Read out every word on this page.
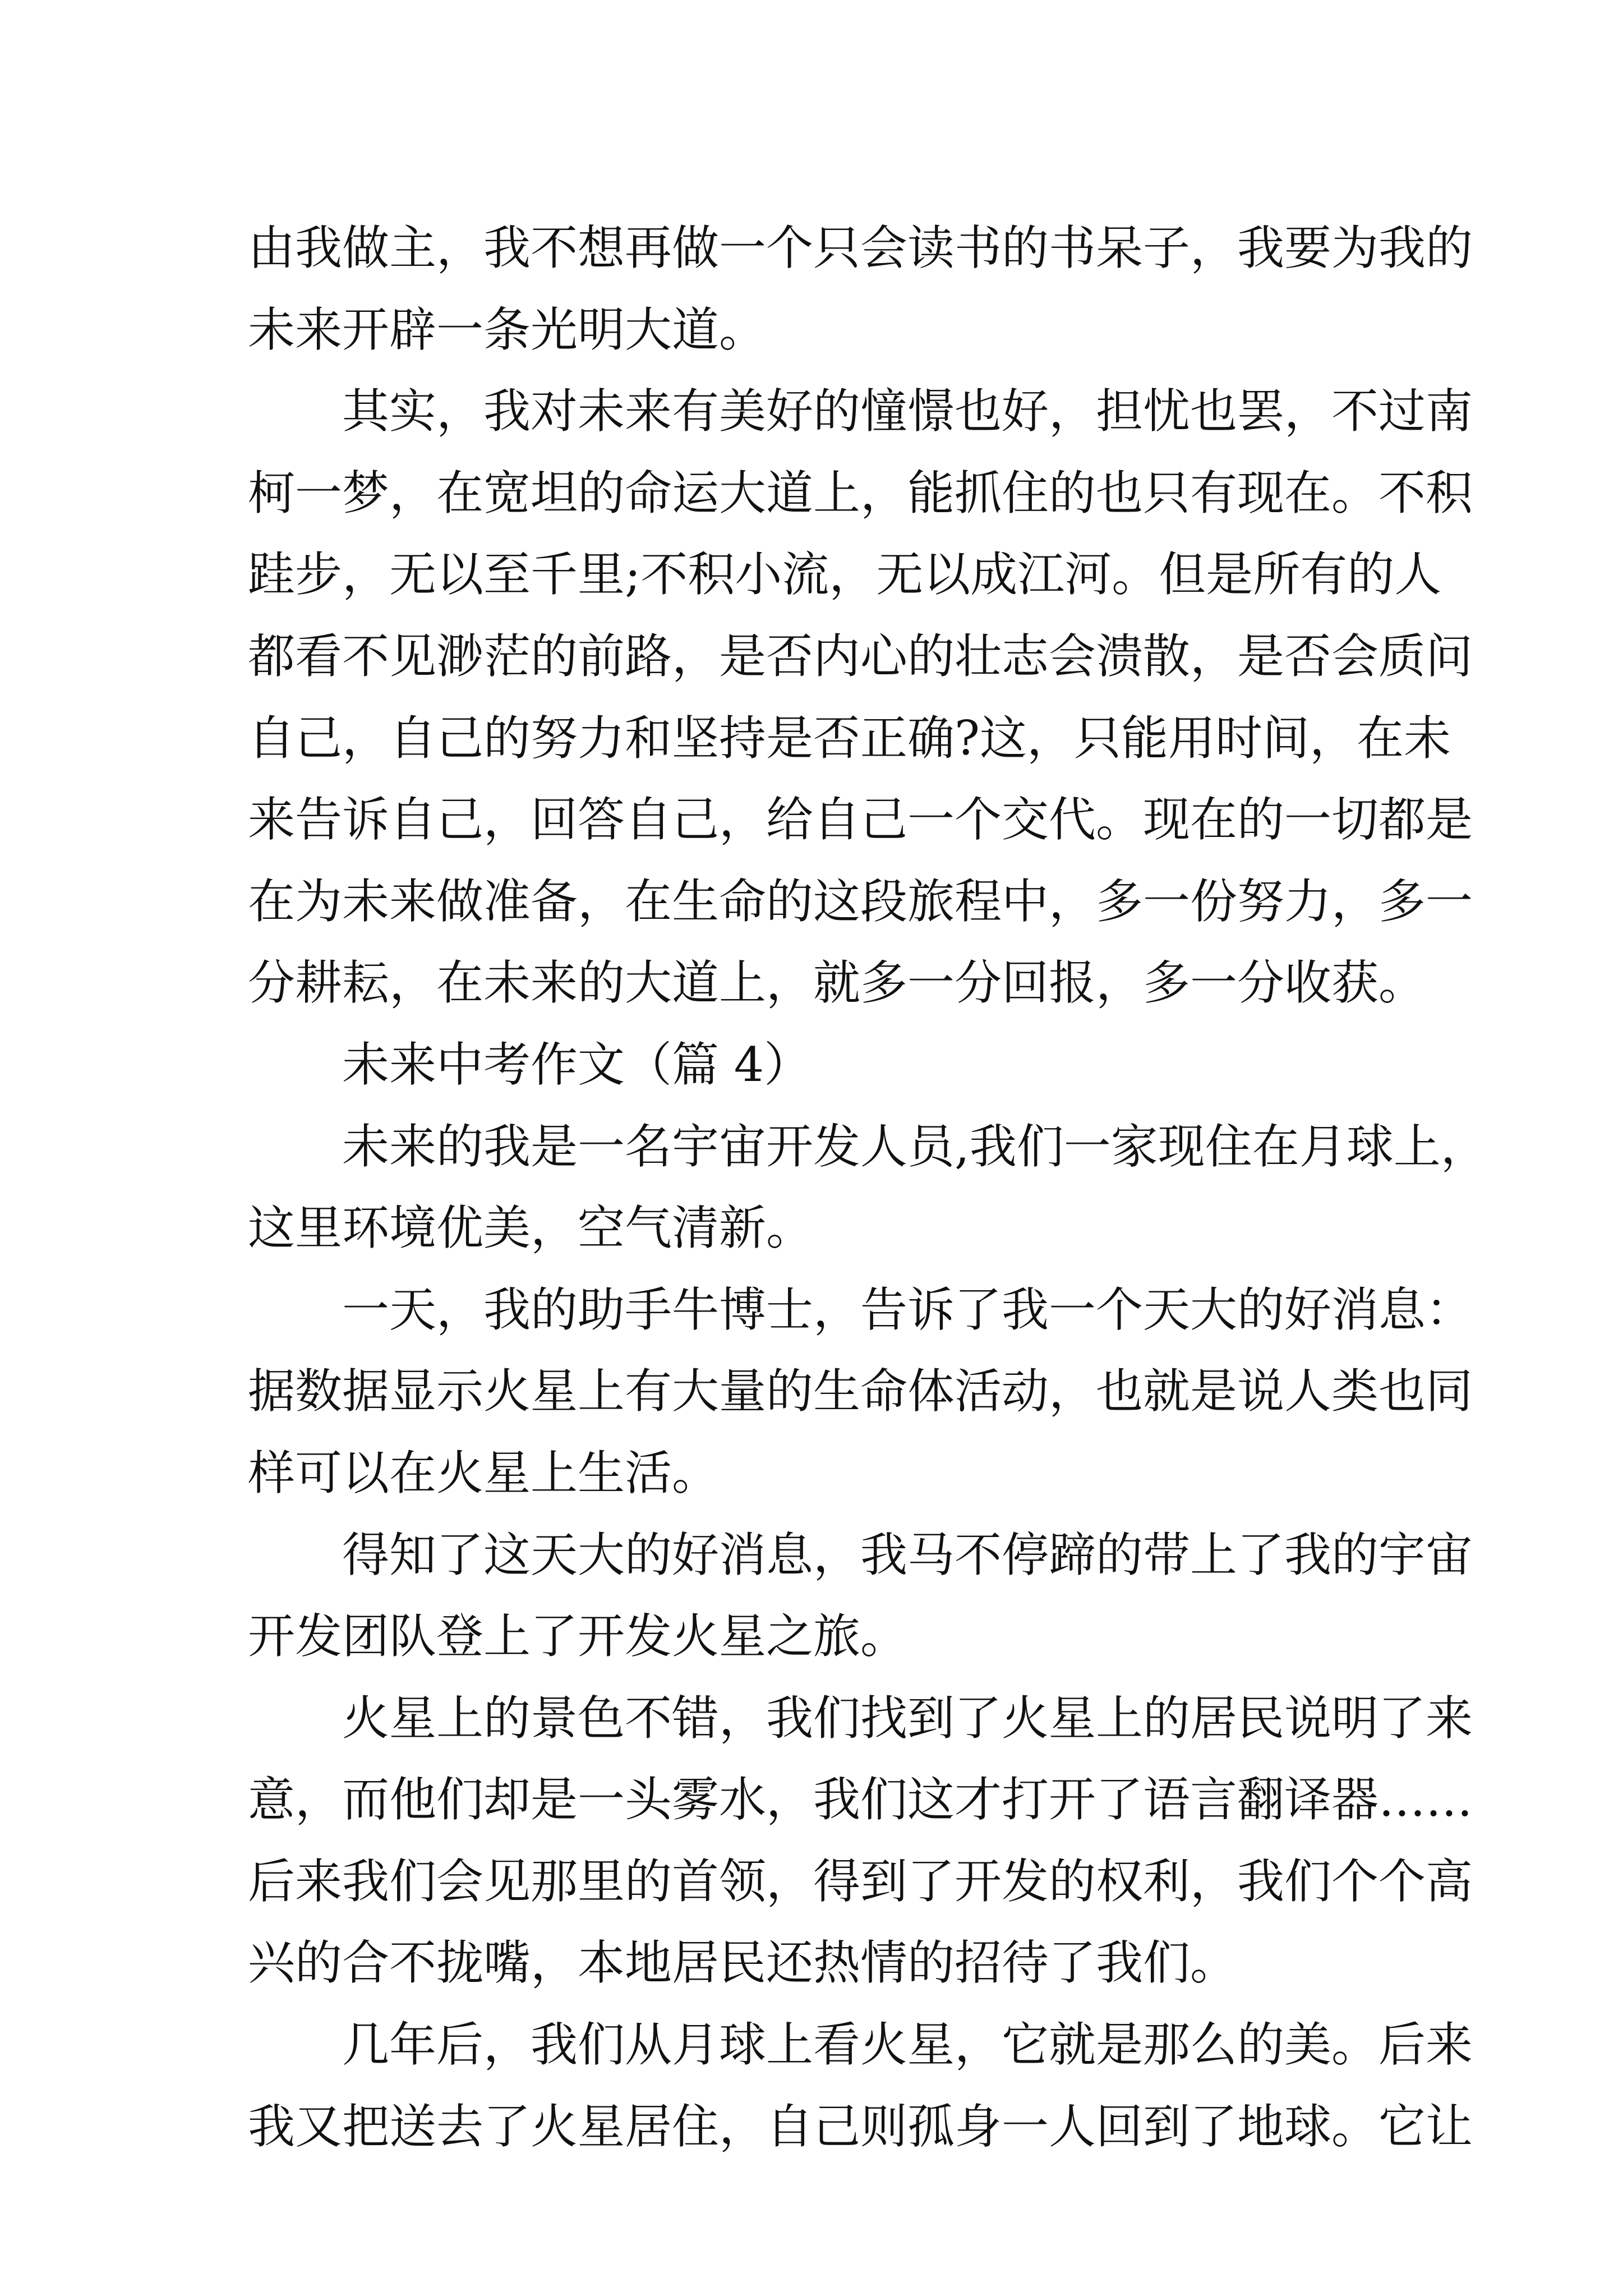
由我做主，我不想再做一个只会读书的书呆子，我要为我的
未来开辟一条光明大道。
其实，我对未来有美好的憧憬也好，担忧也罢，不过南
柯一梦，在宽坦的命运大道上，能抓住的也只有现在。不积
跬步，无以至千里;不积小流，无以成江河。但是所有的人
都看不见渺茫的前路，是否内心的壮志会溃散，是否会质问
自己，自己的努力和坚持是否正确?这，只能用时间，在未
来告诉自己，回答自己，给自己一个交代。现在的一切都是
在为未来做准备，在生命的这段旅程中，多一份努力，多一
分耕耘，在未来的大道上，就多一分回报，多一分收获。
未来中考作文（篇 4）
未来的我是一名宇宙开发人员,我们一家现住在月球上，
这里环境优美，空气清新。
一天，我的助手牛博士，告诉了我一个天大的好消息：
据数据显示火星上有大量的生命体活动，也就是说人类也同
样可以在火星上生活。
得知了这天大的好消息，我马不停蹄的带上了我的宇宙
开发团队登上了开发火星之旅。
火星上的景色不错，我们找到了火星上的居民说明了来
意，而他们却是一头雾水，我们这才打开了语言翻译器……
后来我们会见那里的首领，得到了开发的权利，我们个个高
兴的合不拢嘴，本地居民还热情的招待了我们。
几年后，我们从月球上看火星，它就是那么的美。后来
我又把送去了火星居住，自己则孤身一人回到了地球。它让
